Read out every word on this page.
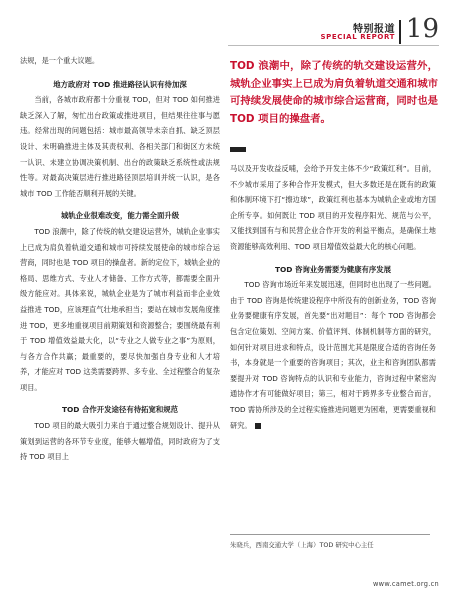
特别报道
SPECIAL REPORT 19

法规，是一个重大议题。

地方政府对 TOD 推进路径认识有待加深

当前，各城市政府都十分重视 TOD，但对 TOD 如何推进缺乏深入了解，匆忙出台政策或推进项目，但结果往往事与愿违。经常出现的问题包括：城市最高领导未亲自抓、缺乏顶层设计、未明确推进主体及其责权利、各相关部门和街区方未统一认识、未建立协调决策机制、出台的政策缺乏系统性或法规性等。对最高决策层进行推进路径顶层培训并统一认识，是各城市 TOD 工作能否顺利开展的关键。

城轨企业很难改变，能力需全面升级

TOD 浪潮中，除了传统的轨交建设运营外，城轨企业事实上已成为肩负着轨道交通和城市可持续发展使命的城市综合运营商，同时也是 TOD 项目的操盘者。新的定位下，城轨企业的格局、思维方式、专业人才储备、工作方式等，都需要全面升级方能应对。具体来说，城轨企业是为了城市利益而非企业效益推进 TOD，应该理直气壮地承担当；要站在城市发展角度推进 TOD，更多地重视项目前期策划和资源整合；要围绕最有利于 TOD 增值效益最大化，以“专业之人做专业之事”为原则，与各方合作共赢；最重要的，要尽快加强自身专业和人才培养，才能应对 TOD 这类需要跨界、多专业、全过程整合的复杂项目。

TOD 合作开发途径有待拓宽和规范

TOD 项目的最大吸引力来自于通过整合规划设计、提升从策划到运营的各环节专业度，能够大幅增值，同时政府为了支持 TOD 项目上

TOD 浪潮中，除了传统的轨交建设运营外，城轨企业事实上已成为肩负着轨道交通和城市可持续发展使命的城市综合运营商，同时也是 TOD 项目的操盘者。

马以及开发收益反哺，会给予开发主体不少“政策红利”。目前，不少城市采用了多种合作开发模式，但大多数还是在既有的政策和体制环境下打“擦边球”，政策红利也基本为城轨企业或地方国企所专享。如何既让 TOD 项目的开发程序阳光、规范与公平，又能找到国有与和民营企业合作开发的利益平衡点，是确保土地资源能够高效利用、TOD 项目增值效益最大化的核心问题。

TOD 咨询业务需要为健康有序发展

TOD 咨询市场近年来发展迅速，但同时也出现了一些问题。由于 TOD 咨询是传统建设程序中所没有的创新业务，TOD 咨询业务要健康有序发展，首先要“出对题目”：每个 TOD 咨询都会包含定位策划、空间方案、价值评判、体制机制等方面的研究，如何针对项目进求和特点，设计范围尤其是限度合适的咨询任务书，本身就是一个重要的咨询项目；其次，业主和咨询团队都需要提升对 TOD 咨询特点的认识和专业能力，咨询过程中紧密沟通协作才有可能做好项目；第三，相对于跨界多专业整合而言，TOD 需协所涉及的全过程实施推进问题更为困难，更需要重视和研究。

朱晓兵，西南交通大学（上海）TOD 研究中心主任
www.camet.org.cn
